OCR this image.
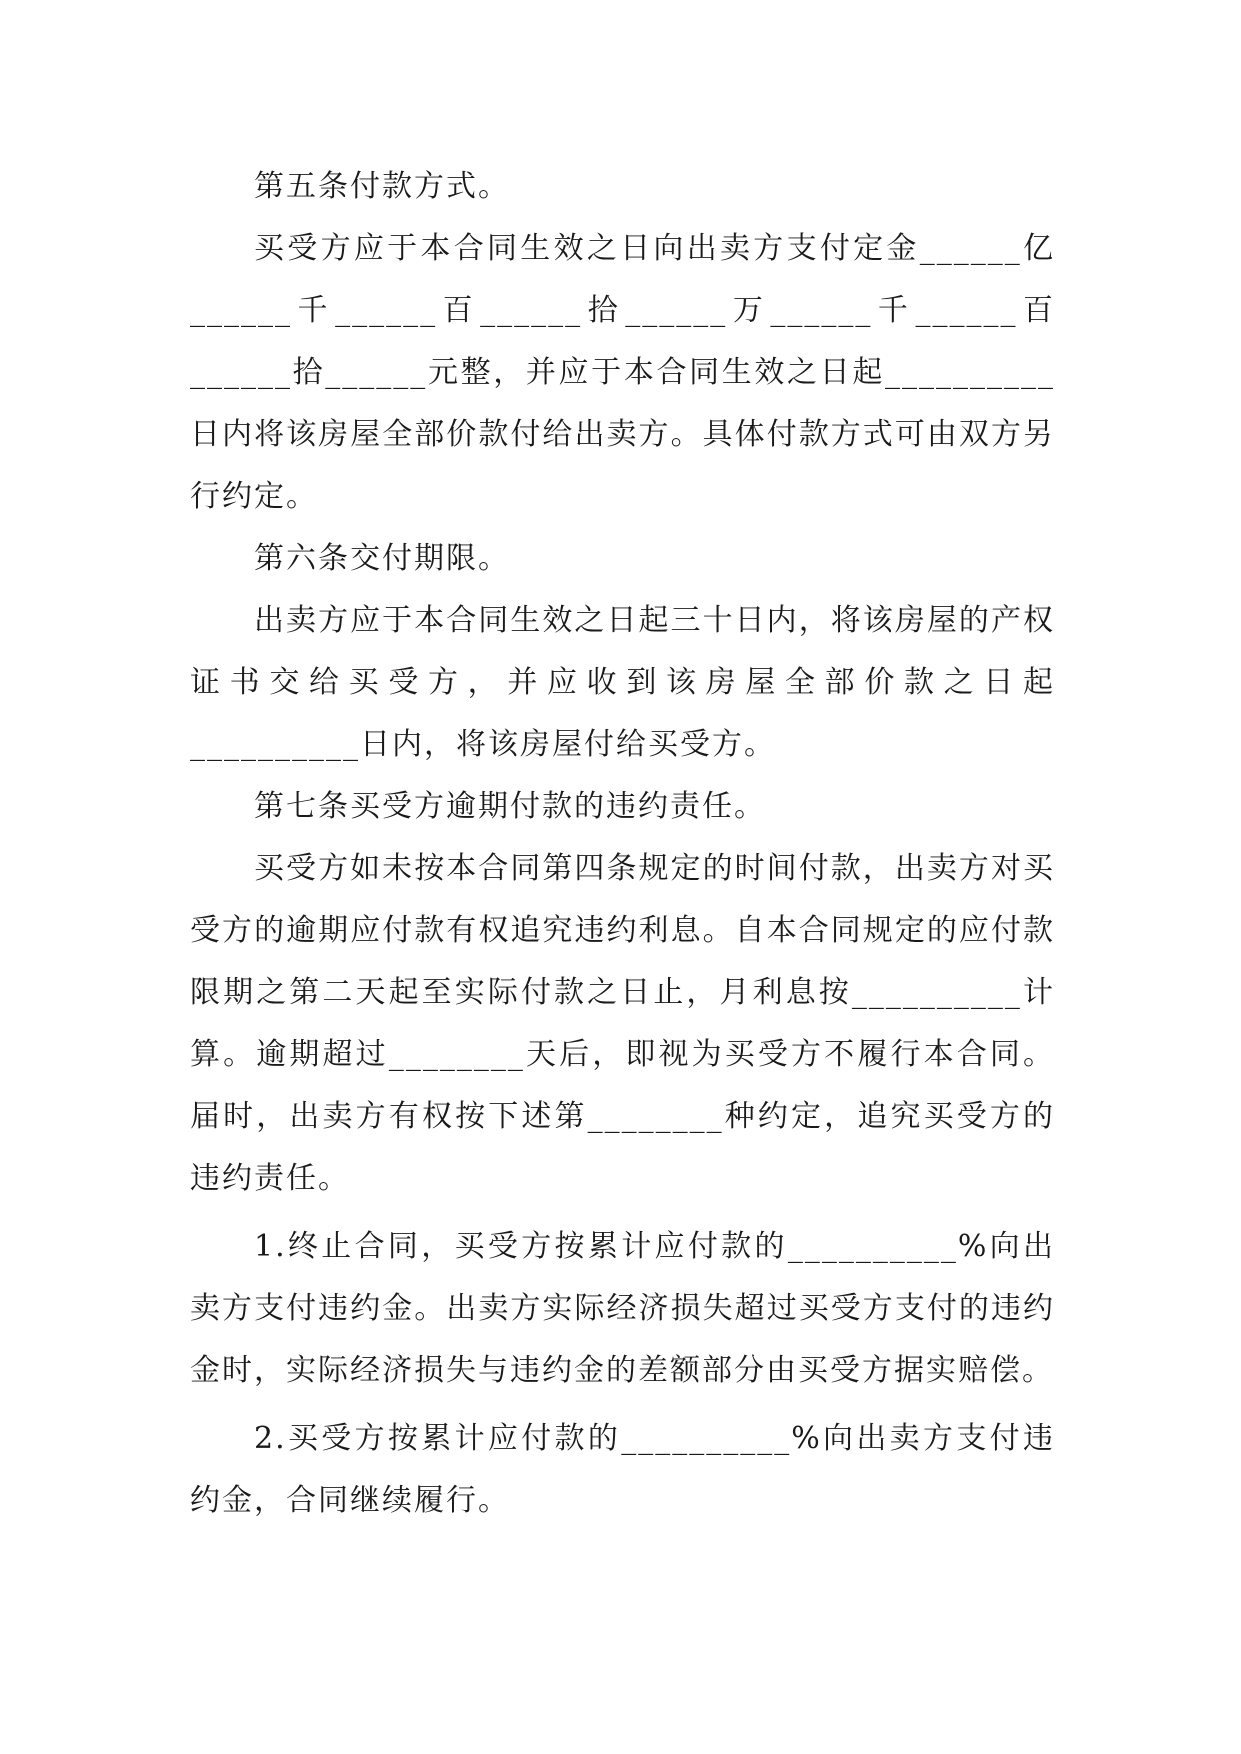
第五条付款方式。

买受方应于本合同生效之日向出卖方支付定金______亿______千______百______拾______万______千______百______拾______元整，并应于本合同生效之日起__________日内将该房屋全部价款付给出卖方。具体付款方式可由双方另行约定。

第六条交付期限。

出卖方应于本合同生效之日起三十日内，将该房屋的产权证书交给买受方，并应收到该房屋全部价款之日起__________日内，将该房屋付给买受方。

第七条买受方逾期付款的违约责任。

买受方如未按本合同第四条规定的时间付款，出卖方对买受方的逾期应付款有权追究违约利息。自本合同规定的应付款限期之第二天起至实际付款之日止，月利息按__________计算。逾期超过________天后，即视为买受方不履行本合同。届时，出卖方有权按下述第________种约定，追究买受方的违约责任。

1.终止合同，买受方按累计应付款的__________%向出卖方支付违约金。出卖方实际经济损失超过买受方支付的违约金时，实际经济损失与违约金的差额部分由买受方据实赔偿。

2.买受方按累计应付款的__________%向出卖方支付违约金，合同继续履行。
